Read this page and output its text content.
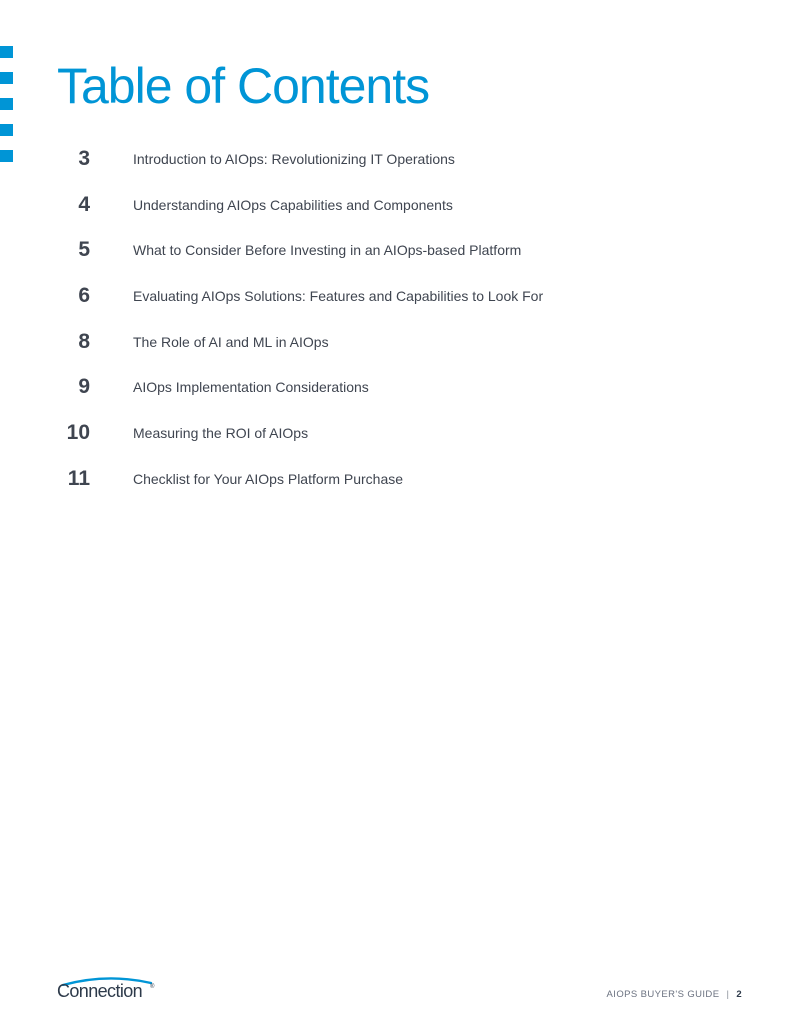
Table of Contents
3	Introduction to AIOps: Revolutionizing IT Operations
4	Understanding AIOps Capabilities and Components
5	What to Consider Before Investing in an AIOps-based Platform
6	Evaluating AIOps Solutions: Features and Capabilities to Look For
8	The Role of AI and ML in AIOps
9	AIOps Implementation Considerations
10	Measuring the ROI of AIOps
11	Checklist for Your AIOps Platform Purchase
Connection ®
AIOPS BUYER'S GUIDE | 2
